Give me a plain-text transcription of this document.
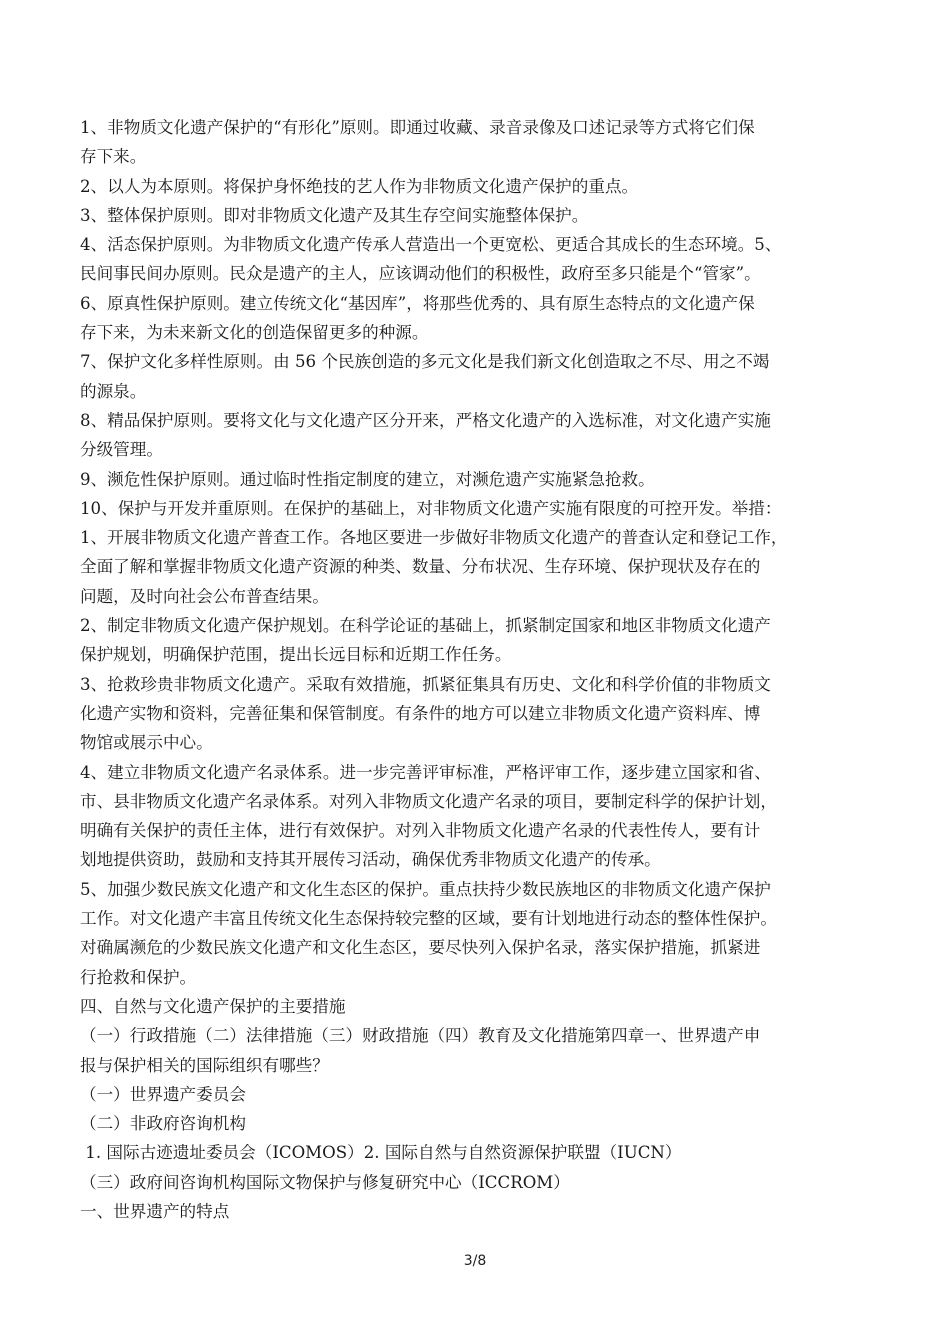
1、非物质文化遗产保护的“有形化”原则。即通过收藏、录音录像及口述记录等方式将它们保
存下来。
2、以人为本原则。将保护身怀绝技的艺人作为非物质文化遗产保护的重点。
3、整体保护原则。即对非物质文化遗产及其生存空间实施整体保护。
4、活态保护原则。为非物质文化遗产传承人营造出一个更宽松、更适合其成长的生态环境。5、
民间事民间办原则。民众是遗产的主人，应该调动他们的积极性，政府至多只能是个“管家”。
6、原真性保护原则。建立传统文化“基因库”，将那些优秀的、具有原生态特点的文化遗产保
存下来，为未来新文化的创造保留更多的种源。
7、保护文化多样性原则。由 56 个民族创造的多元文化是我们新文化创造取之不尽、用之不竭
的源泉。
8、精品保护原则。要将文化与文化遗产区分开来，严格文化遗产的入选标准，对文化遗产实施
分级管理。
9、濒危性保护原则。通过临时性指定制度的建立，对濒危遗产实施紧急抢救。
10、保护与开发并重原则。在保护的基础上，对非物质文化遗产实施有限度的可控开发。举措：
1、开展非物质文化遗产普查工作。各地区要进一步做好非物质文化遗产的普查认定和登记工作，
全面了解和掌握非物质文化遗产资源的种类、数量、分布状况、生存环境、保护现状及存在的
问题，及时向社会公布普查结果。
2、制定非物质文化遗产保护规划。在科学论证的基础上，抓紧制定国家和地区非物质文化遗产
保护规划，明确保护范围，提出长远目标和近期工作任务。
3、抢救珍贵非物质文化遗产。采取有效措施，抓紧征集具有历史、文化和科学价值的非物质文
化遗产实物和资料，完善征集和保管制度。有条件的地方可以建立非物质文化遗产资料库、博
物馆或展示中心。
4、建立非物质文化遗产名录体系。进一步完善评审标准，严格评审工作，逐步建立国家和省、
市、县非物质文化遗产名录体系。对列入非物质文化遗产名录的项目，要制定科学的保护计划，
明确有关保护的责任主体，进行有效保护。对列入非物质文化遗产名录的代表性传人，要有计
划地提供资助，鼓励和支持其开展传习活动，确保优秀非物质文化遗产的传承。
5、加强少数民族文化遗产和文化生态区的保护。重点扶持少数民族地区的非物质文化遗产保护
工作。对文化遗产丰富且传统文化生态保持较完整的区域，要有计划地进行动态的整体性保护。
对确属濒危的少数民族文化遗产和文化生态区，要尽快列入保护名录，落实保护措施，抓紧进
行抢救和保护。
四、自然与文化遗产保护的主要措施
（一）行政措施（二）法律措施（三）财政措施（四）教育及文化措施第四章一、世界遗产申
报与保护相关的国际组织有哪些？
（一）世界遗产委员会
（二）非政府咨询机构
1. 国际古迹遗址委员会（ICOMOS）2. 国际自然与自然资源保护联盟（IUCN）
（三）政府间咨询机构国际文物保护与修复研究中心（ICCROM）
一、世界遗产的特点
3/8
